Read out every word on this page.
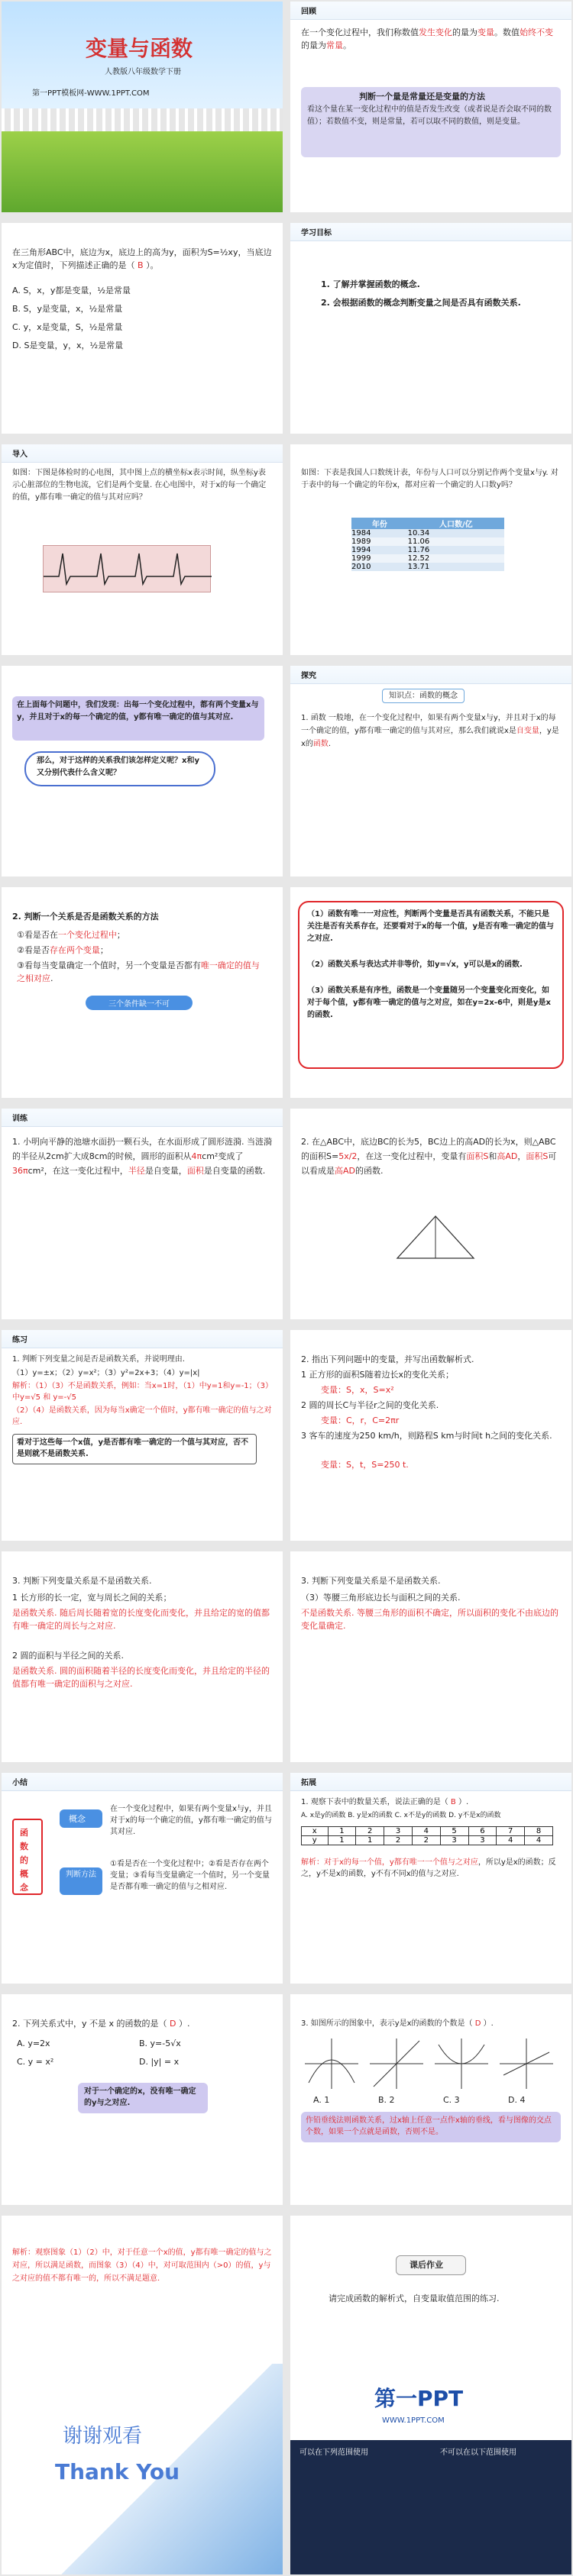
变量与函数
人教版八年级数学下册
第一PPT模板网-WWW.1PPT.COM
回顾
在一个变化过程中，我们称数值发生变化的量为变量。数值始终不变的量为常量。
判断一个量是常量还是变量的方法
看这个量在某一变化过程中的值是否发生改变（或者说是否会取不同的数值）；若数值不变，则是常量，若可以取不同的数值，则是变量。
在三角形ABC中，底边为x，底边上的高为y，面积为S=½xy，当底边x为定值时，下列描述正确的是（ B ）。
A. S，x，y都是变量，½是常量
B. S，y是变量，x，½是常量
C. y，x是变量，S，½是常量
D. S是变量，y，x，½是常量
学习目标
1. 了解并掌握函数的概念.
2. 会根据函数的概念判断变量之间是否具有函数关系.
导入
如图：下图是体检时的心电图，其中图上点的横坐标x表示时间，纵坐标y表示心脏部位的生物电流，它们是两个变量. 在心电图中，对于x的每一个确定的值，y都有唯一确定的值与其对应吗？
如图：下表是我国人口数统计表，年份与人口可以分别记作两个变量x与y. 对于表中的每一个确定的年份x，都对应着一个确定的人口数y吗？
年份	人口数/亿
1984	10.34
1989	11.06
1994	11.76
1999	12.52
2010	13.71
在上面每个问题中，我们发现：出每一个变化过程中，都有两个变量x与y，并且对于x的每一个确定的值，y都有唯一确定的值与其对应.
那么，对于这样的关系我们该怎样定义呢？x和y又分别代表什么含义呢？
探究
知识点：函数的概念
1. 函数 一般地，在一个变化过程中，如果有两个变量x与y，并且对于x的每一个确定的值，y都有唯一确定的值与其对应，那么我们就说x是自变量，y是x的函数.
2. 判断一个关系是否是函数关系的方法
①看是否在一个变化过程中；
②看是否存在两个变量；
③看每当变量确定一个值时，另一个变量是否都有唯一确定的值与之相对应.
三个条件缺一不可
（1）函数有唯一一对应性，判断两个变量是否具有函数关系，不能只是关注是否有关系存在，还要看对于x的每一个值，y是否有唯一确定的值与之对应.
（2）函数关系与表达式并非等价，如y=√x，y可以是x的函数.
（3）函数关系是有序性，函数是一个变量随另一个变量变化而变化，如对于每个值，y都有唯一确定的值与之对应，如在y=2x-6中，则是y是x的函数.
训练
1. 小明向平静的池塘水面扔一颗石头，在水面形成了圆形涟漪. 当涟漪的半径从2cm扩大成8cm的时候，圆形的面积从4πcm²变成了36πcm²，在这一变化过程中，半径是自变量，面积是自变量的函数.
2. 在△ABC中，底边BC的长为5，BC边上的高AD的长为x，则△ABC的面积S=5x/2，在这一变化过程中，变量有面积S和高AD，面积S可以看成是高AD的函数.
练习
1. 判断下列变量之间是否是函数关系，并说明理由.
（1）y=±x；（2）y=x²；（3）y²=2x+3；（4）y=|x|
解析：（1）（3）不是函数关系，例如：当x=1时，（1）中y=1和y=-1；（3）中y=√5 和 y=-√5
（2）（4）是函数关系，因为每当x确定一个值时，y都有唯一确定的值与之对应.
看对于这些每一个x值，y是否都有唯一确定的一个值与其对应，否不是则就不是函数关系.
2. 指出下列问题中的变量，并写出函数解析式.
1 正方形的面积S随着边长x的变化关系；
变量：S，x，S=x²
2 圆的周长C与半径r之间的变化关系.
变量：C，r，C=2πr
3 客车的速度为250 km/h，则路程S km与时间t h之间的变化关系.
变量：S，t，S=250 t.
3. 判断下列变量关系是不是函数关系.
1 长方形的长一定，宽与周长之间的关系；
是函数关系. 随后周长随着宽的长度变化而变化，并且给定的宽的值都有唯一确定的周长与之对应.
2 圆的面积与半径之间的关系.
是函数关系. 圆的面积随着半径的长度变化而变化，并且给定的半径的值都有唯一确定的面积与之对应.
3. 判断下列变量关系是不是函数关系.
（3）等腰三角形底边长与面积之间的关系.
不是函数关系. 等腰三角形的面积不确定，所以面积的变化不由底边的变化量确定.
小结
函数的概念
概念
判断方法
在一个变化过程中，如果有两个变量x与y，并且对于x的每一个确定的值，y都有唯一确定的值与其对应.
①看是否在一个变化过程中；②看是否存在两个变量；③看每当变量确定一个值时，另一个变量是否都有唯一确定的值与之相对应.
拓展
1. 观察下表中的数量关系，说法正确的是（ B ）.
A. x是y的函数 B. y是x的函数 C. x不是y的函数 D. y不是x的函数
x	1	2	3	4	5	6	7	8
y	1	1	2	2	3	3	4	4
解析：对于x的每一个值，y都有唯一一个值与之对应，所以y是x的函数；反之，y不是x的函数，y不有不同x的值与之对应.
2. 下列关系式中，y 不是 x 的函数的是（ D ）.
A. y=2x	B. y=-5√x
C. y = x²	D. |y| = x
对于一个确定的x，没有唯一确定的y与之对应.
3. 如图所示的图象中，表示y是x的函数的个数是（ D ）.
A. 1	B. 2	C. 3	D. 4
作铅垂线法则函数关系，过x轴上任意一点作x轴的垂线，看与图像的交点个数，如果一个点就是函数，否则不是。
解析：观察图象（1）（2）中，对于任意一个x的值，y都有唯一确定的值与之对应，所以满足函数，而图象（3）（4）中，对可取范围内（>0）的值，y与之对应的值不都有唯一的，所以不满足题意.
课后作业
请完成函数的解析式，自变量取值范围的练习.
谢谢观看
Thank You
第一PPT
WWW.1PPT.COM
可以在下列范围使用	不可以在以下范围使用
